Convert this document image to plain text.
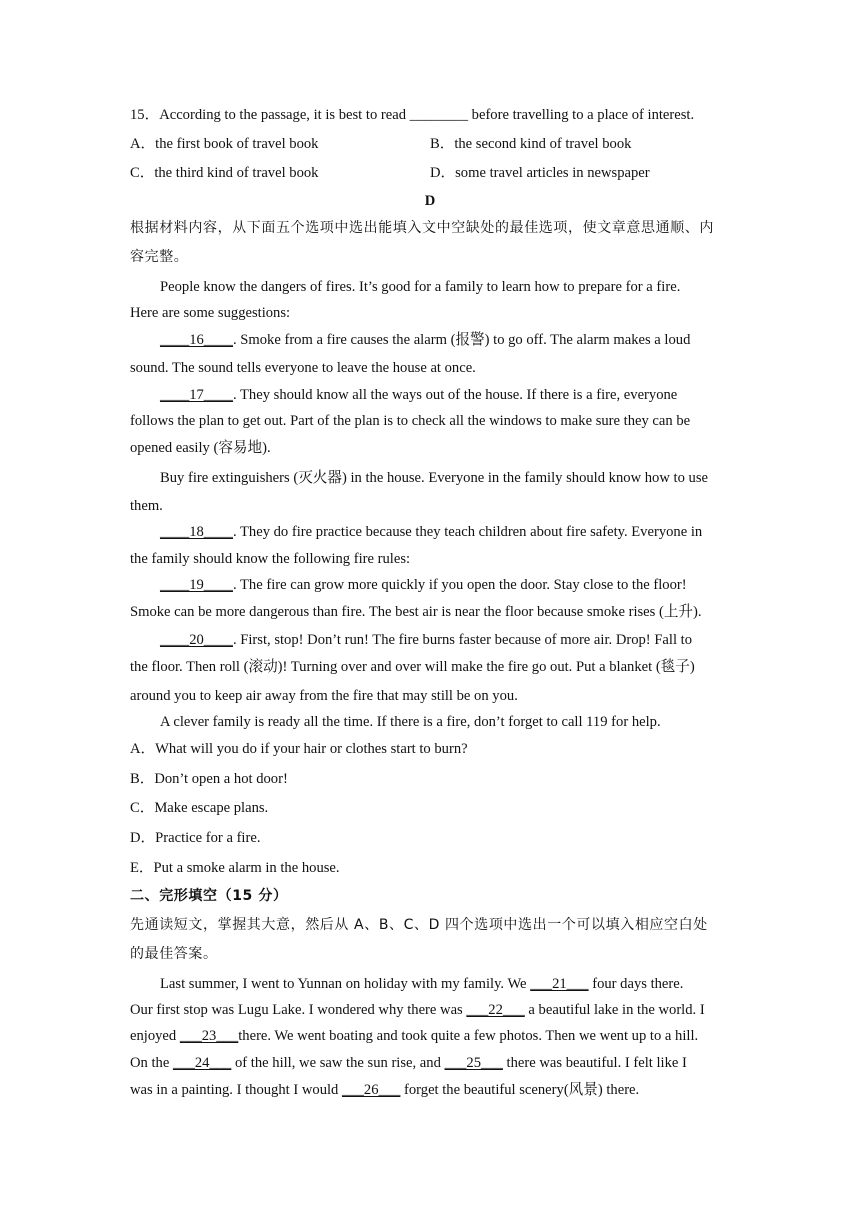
15．According to the passage, it is best to read ________ before travelling to a place of interest.
A．the first book of travel book	B．the second kind of travel book
C．the third kind of travel book	D．some travel articles in newspaper
D
根据材料内容，从下面五个选项中选出能填入文中空缺处的最佳选项，使文章意思通顺、内
容完整。
People know the dangers of fires. It’s good for a family to learn how to prepare for a fire.
Here are some suggestions:
____16____. Smoke from a fire causes the alarm (报警) to go off. The alarm makes a loud
sound. The sound tells everyone to leave the house at once.
____17____. They should know all the ways out of the house. If there is a fire, everyone
follows the plan to get out. Part of the plan is to check all the windows to make sure they can be
opened easily (容易地).
Buy fire extinguishers (灭火器) in the house. Everyone in the family should know how to use
them.
____18____. They do fire practice because they teach children about fire safety. Everyone in
the family should know the following fire rules:
____19____. The fire can grow more quickly if you open the door. Stay close to the floor!
Smoke can be more dangerous than fire. The best air is near the floor because smoke rises (上升).
____20____. First, stop! Don’t run! The fire burns faster because of more air. Drop! Fall to
the floor. Then roll (滚动)! Turning over and over will make the fire go out. Put a blanket (毯子)
around you to keep air away from the fire that may still be on you.
A clever family is ready all the time. If there is a fire, don’t forget to call 119 for help.
A．What will you do if your hair or clothes start to burn?
B．Don’t open a hot door!
C．Make escape plans.
D．Practice for a fire.
E．Put a smoke alarm in the house.
二、完形填空（15 分）
先通读短文，掌握其大意，然后从 A、B、C、D 四个选项中选出一个可以填入相应空白处
的最佳答案。
Last summer, I went to Yunnan on holiday with my family. We ___21___ four days there.
Our first stop was Lugu Lake. I wondered why there was ___22___ a beautiful lake in the world. I
enjoyed ___23___there. We went boating and took quite a few photos. Then we went up to a hill.
On the ___24___ of the hill, we saw the sun rise, and ___25___ there was beautiful. I felt like I
was in a painting. I thought I would ___26___ forget the beautiful scenery(风景) there.
